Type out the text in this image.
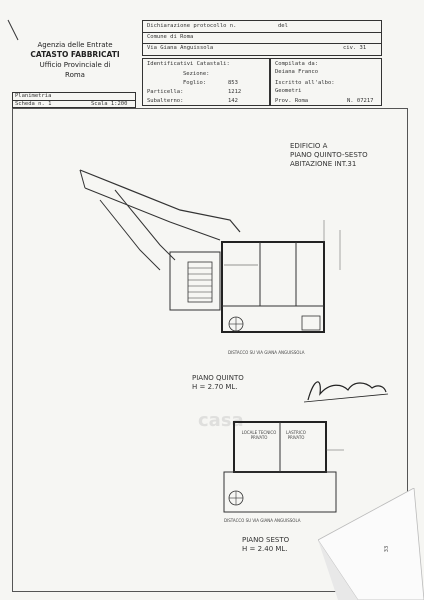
Agenzia delle Entrate
CATASTO FABBRICATI
Ufficio Provinciale di
Roma
Dichiarazione protocollo n.	del
Comune di Roma
Via Giana Anguissola	civ. 31
Identificativi Catastali:
Sezione:
Foglio:	853
Particella:	1212
Subalterno:	142
Compilata da:
Deiana Franco
Iscritto all'albo:
Geometri
Prov. Roma	N. 07217
Planimetria
Scheda n. 1	Scala 1:200
EDIFICIO A
PIANO QUINTO-SESTO
ABITAZIONE INT.31
DISTACCO SU VIA GIANA ANGUISSOLA
PIANO QUINTO
H = 2.70 ML.
casa
LOCALE TECNICO PRIVATO
LASTRICO PRIVATO
DISTACCO SU VIA GIANA ANGUISSOLA
PIANO SESTO
H = 2.40 ML.	33
